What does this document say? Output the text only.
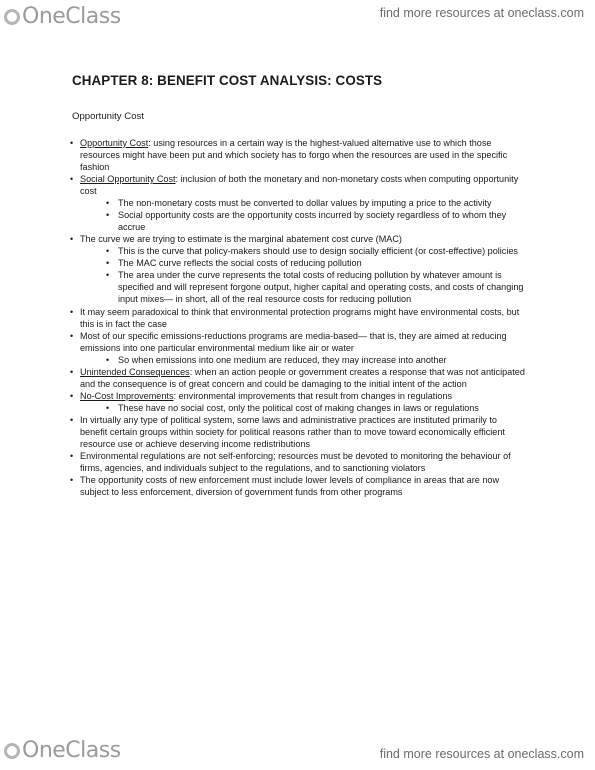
OneClass	find more resources at oneclass.com
CHAPTER 8: BENEFIT COST ANALYSIS: COSTS
Opportunity Cost
• Opportunity Cost: using resources in a certain way is the highest-valued alternative use to which those resources might have been put and which society has to forgo when the resources are used in the specific fashion
• Social Opportunity Cost: inclusion of both the monetary and non-monetary costs when computing opportunity cost
• The non-monetary costs must be converted to dollar values by imputing a price to the activity
• Social opportunity costs are the opportunity costs incurred by society regardless of to whom they accrue
• The curve we are trying to estimate is the marginal abatement cost curve (MAC)
• This is the curve that policy-makers should use to design socially efficient (or cost-effective) policies
• The MAC curve reflects the social costs of reducing pollution
• The area under the curve represents the total costs of reducing pollution by whatever amount is specified and will represent forgone output, higher capital and operating costs, and costs of changing input mixes— in short, all of the real resource costs for reducing pollution
• It may seem paradoxical to think that environmental protection programs might have environmental costs, but this is in fact the case
• Most of our specific emissions-reductions programs are media-based— that is, they are aimed at reducing emissions into one particular environmental medium like air or water
• So when emissions into one medium are reduced, they may increase into another
• Unintended Consequences: when an action people or government creates a response that was not anticipated and the consequence is of great concern and could be damaging to the initial intent of the action
• No-Cost Improvements: environmental improvements that result from changes in regulations
• These have no social cost, only the political cost of making changes in laws or regulations
• In virtually any type of political system, some laws and administrative practices are instituted primarily to benefit certain groups within society for political reasons rather than to move toward economically efficient resource use or achieve deserving income redistributions
• Environmental regulations are not self-enforcing; resources must be devoted to monitoring the behaviour of firms, agencies, and individuals subject to the regulations, and to sanctioning violators
• The opportunity costs of new enforcement must include lower levels of compliance in areas that are now subject to less enforcement, diversion of government funds from other programs
OneClass	find more resources at oneclass.com
